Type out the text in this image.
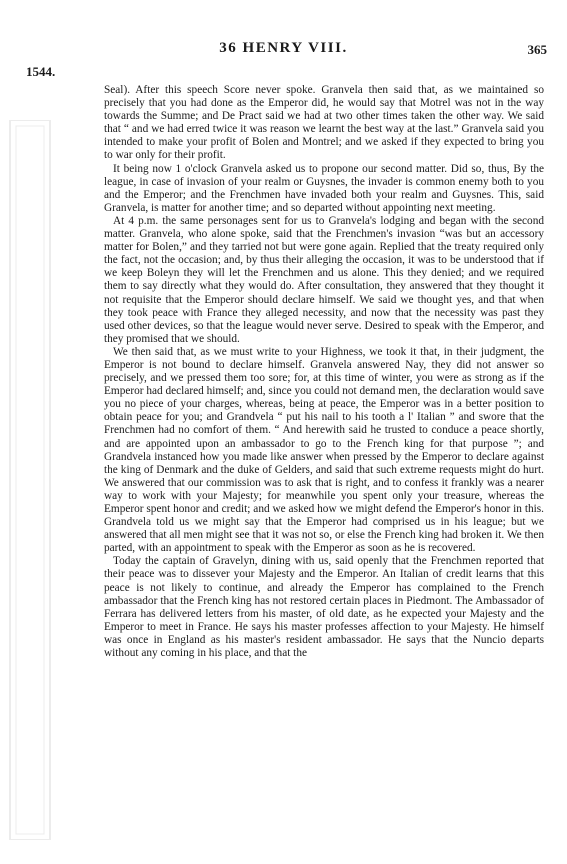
36 HENRY VIII.	365
1544.

Seal). After this speech Score never spoke. Granvela then said that, as we maintained so precisely that you had done as the Emperor did, he would say that Motrel was not in the way towards the Summe; and De Pract said we had at two other times taken the other way. We said that “ and we had erred twice it was reason we learnt the best way at the last.” Granvela said you intended to make your profit of Bolen and Montrel; and we asked if they expected to bring you to war only for their profit.

It being now 1 o'clock Granvela asked us to propone our second matter. Did so, thus, By the league, in case of invasion of your realm or Guysnes, the invader is common enemy both to you and the Emperor; and the Frenchmen have invaded both your realm and Guysnes. This, said Granvela, is matter for another time; and so departed without appointing next meeting.

At 4 p.m. the same personages sent for us to Granvela's lodging and began with the second matter. Granvela, who alone spoke, said that the Frenchmen's invasion “was but an accessory matter for Bolen,” and they tarried not but were gone again. Replied that the treaty required only the fact, not the occasion; and, by thus their alleging the occasion, it was to be understood that if we keep Boleyn they will let the Frenchmen and us alone. This they denied; and we required them to say directly what they would do. After consultation, they answered that they thought it not requisite that the Emperor should declare himself. We said we thought yes, and that when they took peace with France they alleged necessity, and now that the necessity was past they used other devices, so that the league would never serve. Desired to speak with the Emperor, and they promised that we should.

We then said that, as we must write to your Highness, we took it that, in their judgment, the Emperor is not bound to declare himself. Granvela answered Nay, they did not answer so precisely, and we pressed them too sore; for, at this time of winter, you were as strong as if the Emperor had declared himself; and, since you could not demand men, the declaration would save you no piece of your charges, whereas, being at peace, the Emperor was in a better position to obtain peace for you; and Grandvela “ put his nail to his tooth a l' Italian ” and swore that the Frenchmen had no comfort of them. “ And herewith said he trusted to conduce a peace shortly, and are appointed upon an ambassador to go to the French king for that purpose ”; and Grandvela instanced how you made like answer when pressed by the Emperor to declare against the king of Denmark and the duke of Gelders, and said that such extreme requests might do hurt. We answered that our commission was to ask that is right, and to confess it frankly was a nearer way to work with your Majesty; for meanwhile you spent only your treasure, whereas the Emperor spent honor and credit; and we asked how we might defend the Emperor's honor in this. Grandvela told us we might say that the Emperor had comprised us in his league; but we answered that all men might see that it was not so, or else the French king had broken it. We then parted, with an appointment to speak with the Emperor as soon as he is recovered.

Today the captain of Gravelyn, dining with us, said openly that the Frenchmen reported that their peace was to dissever your Majesty and the Emperor. An Italian of credit learns that this peace is not likely to continue, and already the Emperor has complained to the French ambassador that the French king has not restored certain places in Piedmont. The Ambassador of Ferrara has delivered letters from his master, of old date, as he expected your Majesty and the Emperor to meet in France. He says his master professes affection to your Majesty. He himself was once in England as his master's resident ambassador. He says that the Nuncio departs without any coming in his place, and that the
